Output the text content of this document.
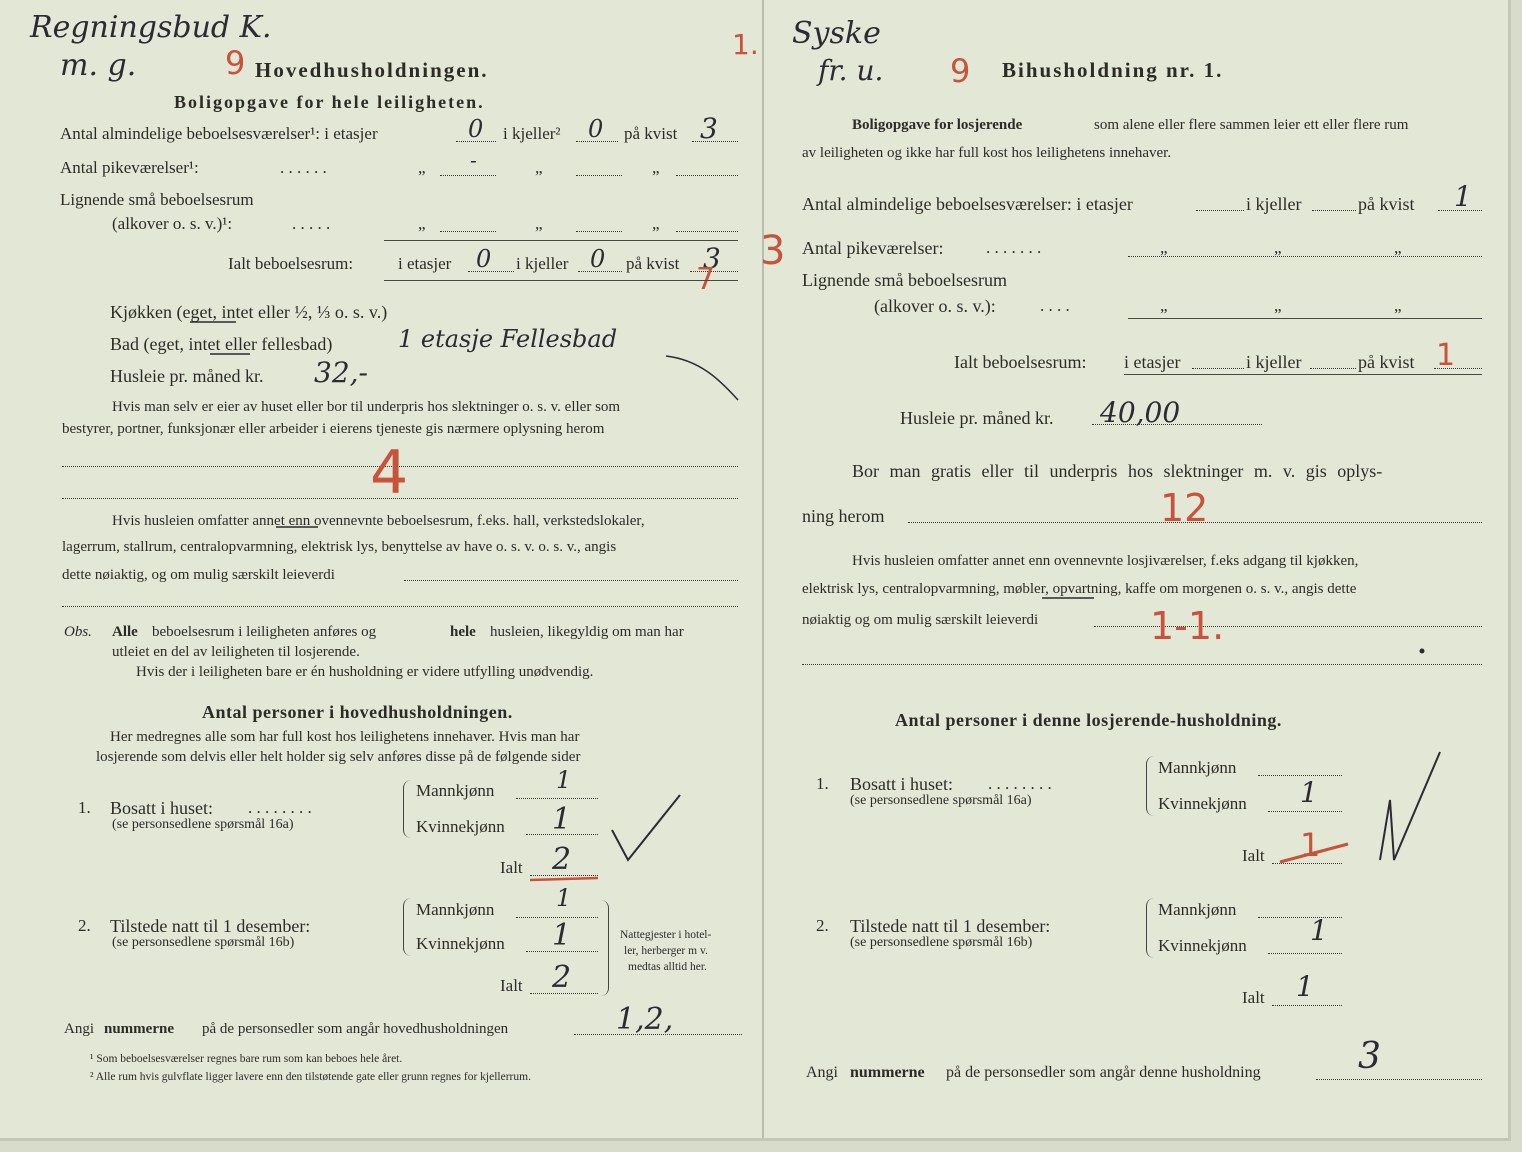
Regningsbud K.
m. g.	9 Hovedhusholdningen.
Boligopgave for hele leiligheten.
Antal almindelige beboelsesværelser¹: i etasjer	0 i kjeller² 0 på kvist 3
Antal pikeværelser¹:	. . . . . .	„ -	„	„
Lignende små beboelsesrum
(alkover o. s. v.)¹:	. . . . .	„	„	„
Ialt beboelsesrum:	i etasjer 0 i kjeller 0 på kvist 3 3
7
Kjøkken (eget, intet eller ½, ⅓ o. s. v.)
Bad (eget, intet eller fellesbad)	1 etasje Fellesbad
Husleie pr. måned kr. 32,-
Hvis man selv er eier av huset eller bor til underpris hos slektninger o. s. v. eller som
bestyrer, portner, funksjonær eller arbeider i eierens tjeneste gis nærmere oplysning herom
4
Hvis husleien omfatter annet enn ovennevnte beboelsesrum, f.eks. hall, verkstedslokaler,
lagerrum, stallrum, centralopvarmning, elektrisk lys, benyttelse av have o. s. v. o. s. v., angis
dette nøiaktig, og om mulig særskilt leieverdi
Obs. Alle beboelsesrum i leiligheten anføres og	hele husleien, likegyldig om man har
utleiet en del av leiligheten til losjerende.
Hvis der i leiligheten bare er én husholdning er videre utfylling unødvendig.
Antal personer i hovedhusholdningen.
Her medregnes alle som har full kost hos leilighetens innehaver. Hvis man har
losjerende som delvis eller helt holder sig selv anføres disse på de følgende sider
1. Bosatt i huset: . . . . . . . .
(se personsedlene spørsmål 16a)
Mannkjønn	1
Kvinnekjønn 1
Ialt 2
2. Tilstede natt til 1 desember:
(se personsedlene spørsmål 16b)
Mannkjønn	1
Kvinnekjønn 1
Ialt 2
Nattegjester i hotel-
ler, herberger m v.
medtas alltid her.
Angi nummerne på de personsedler som angår hovedhusholdningen	1,2,
¹ Som beboelsesværelser regnes bare rum som kan beboes hele året.
² Alle rum hvis gulvflate ligger lavere enn den tilstøtende gate eller grunn regnes for kjellerrum.
1. Syske
fr. u. 9 Bihusholdning nr. 1.
Boligopgave for losjerende	som alene eller flere sammen leier ett eller flere rum
av leiligheten og ikke har full kost hos leilighetens innehaver.
Antal almindelige beboelsesværelser: i etasjer	i kjeller	på kvist 1
Antal pikeværelser:	. . . . . . .	„	„	„
Lignende små beboelsesrum
(alkover o. s. v.):	. . . .	„	„	„
Ialt beboelsesrum: i etasjer	i kjeller	på kvist 1
Husleie pr. måned kr. 40,00
Bor man gratis eller til underpris hos slektninger m. v. gis oplys-
ning herom	12
Hvis husleien omfatter annet enn ovennevnte losjiværelser, f.eks adgang til kjøkken,
elektrisk lys, centralopvarmning, møbler, opvartning, kaffe om morgenen o. s. v., angis dette
nøiaktig og om mulig særskilt leieverdi	1-1.
Antal personer i denne losjerende-husholdning.
1. Bosatt i huset: . . . . . . . .
(se personsedlene spørsmål 16a)
Mannkjønn
Kvinnekjønn 1
Ialt 1
2. Tilstede natt til 1 desember:
(se personsedlene spørsmål 16b)
Mannkjønn
Kvinnekjønn 1
Ialt 1
Angi nummerne på de personsedler som angår denne husholdning	3
